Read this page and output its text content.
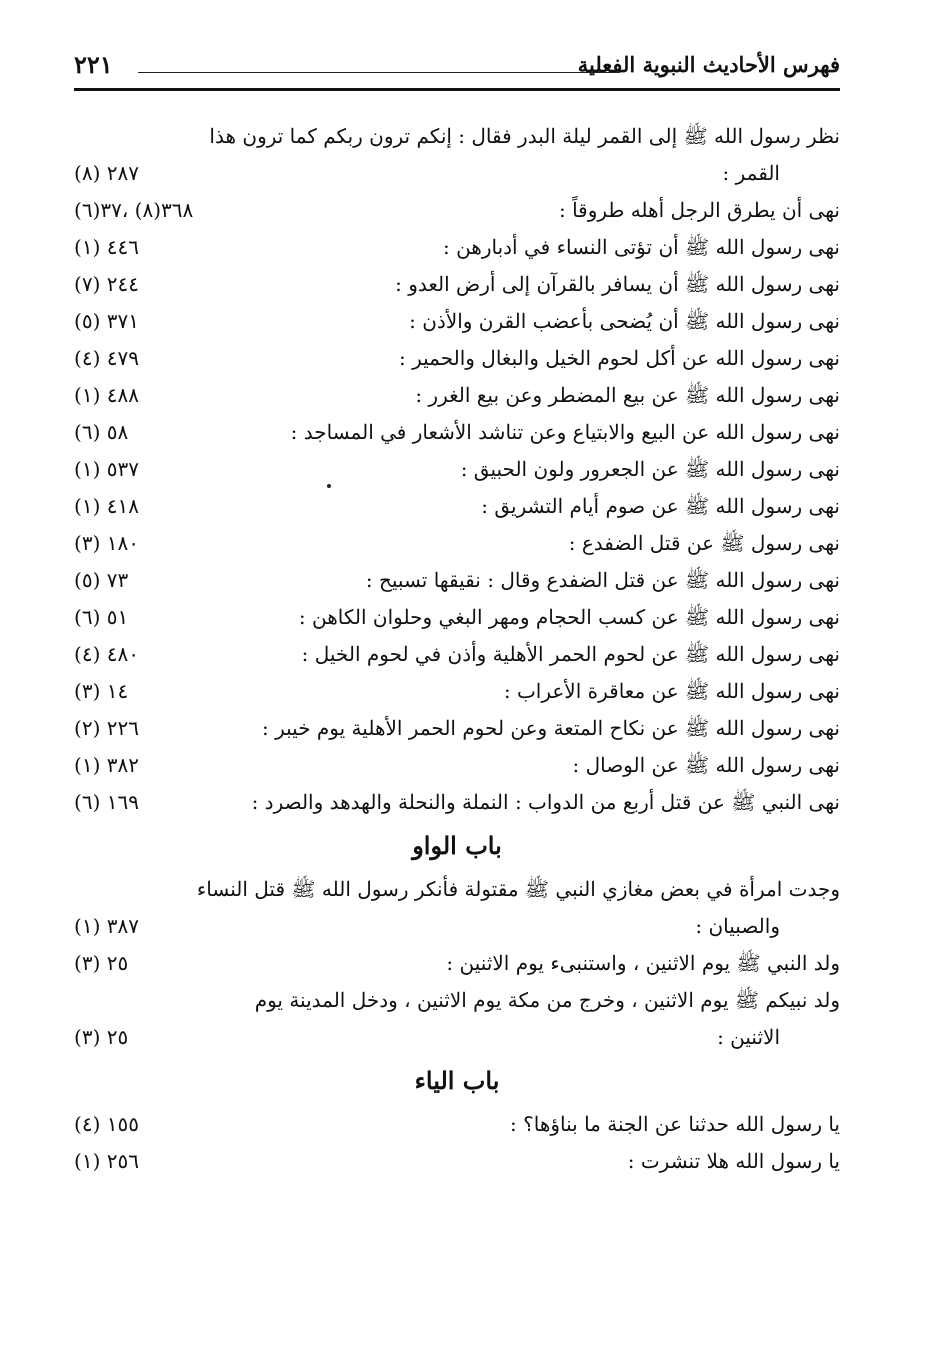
فهرس الأحاديث النبوية الفعلية
٢٢١
نظر رسول الله ﷺ إلى القمر ليلة البدر فقال : إنكم ترون ربكم كما ترون هذا
القمر :
٢٨٧ (٨)
نهى أن يطرق الرجل أهله طروقاً :
٣٦٨(٨) ،٣٧(٦)
نهى رسول الله ﷺ أن تؤتى النساء في أدبارهن :
٤٤٦ (١)
نهى رسول الله ﷺ أن يسافر بالقرآن إلى أرض العدو :
٢٤٤ (٧)
نهى رسول الله ﷺ أن يُضحى بأعضب القرن والأذن :
٣٧١ (٥)
نهى رسول الله عن أكل لحوم الخيل والبغال والحمير :
٤٧٩ (٤)
نهى رسول الله ﷺ عن بيع المضطر وعن بيع الغرر :
٤٨٨ (١)
نهى رسول الله عن البيع والابتياع وعن تناشد الأشعار في المساجد :
٥٨ (٦)
نهى رسول الله ﷺ عن الجعرور ولون الحبيق :
٥٣٧ (١)
نهى رسول الله ﷺ عن صوم أيام التشريق :
٤١٨ (١)
نهى رسول ﷺ عن قتل الضفدع :
١٨٠ (٣)
نهى رسول الله ﷺ عن قتل الضفدع وقال : نقيقها تسبيح :
٧٣ (٥)
نهى رسول الله ﷺ عن كسب الحجام ومهر البغي وحلوان الكاهن :
٥١ (٦)
نهى رسول الله ﷺ عن لحوم الحمر الأهلية وأذن في لحوم الخيل :
٤٨٠ (٤)
نهى رسول الله ﷺ عن معاقرة الأعراب :
١٤ (٣)
نهى رسول الله ﷺ عن نكاح المتعة وعن لحوم الحمر الأهلية يوم خيبر :
٢٢٦ (٢)
نهى رسول الله ﷺ عن الوصال :
٣٨٢ (١)
نهى النبي ﷺ عن قتل أربع من الدواب : النملة والنحلة والهدهد والصرد :
١٦٩ (٦)
باب الواو
وجدت امرأة في بعض مغازي النبي ﷺ مقتولة فأنكر رسول الله ﷺ قتل النساء
والصبيان :
٣٨٧ (١)
ولد النبي ﷺ يوم الاثنين ، واستنبىء يوم الاثنين :
٢٥ (٣)
ولد نبيكم ﷺ يوم الاثنين ، وخرج من مكة يوم الاثنين ، ودخل المدينة يوم
الاثنين :
٢٥ (٣)
باب الياء
يا رسول الله حدثنا عن الجنة ما بناؤها؟ :
١٥٥ (٤)
يا رسول الله هلا تنشرت :
٢٥٦ (١)
